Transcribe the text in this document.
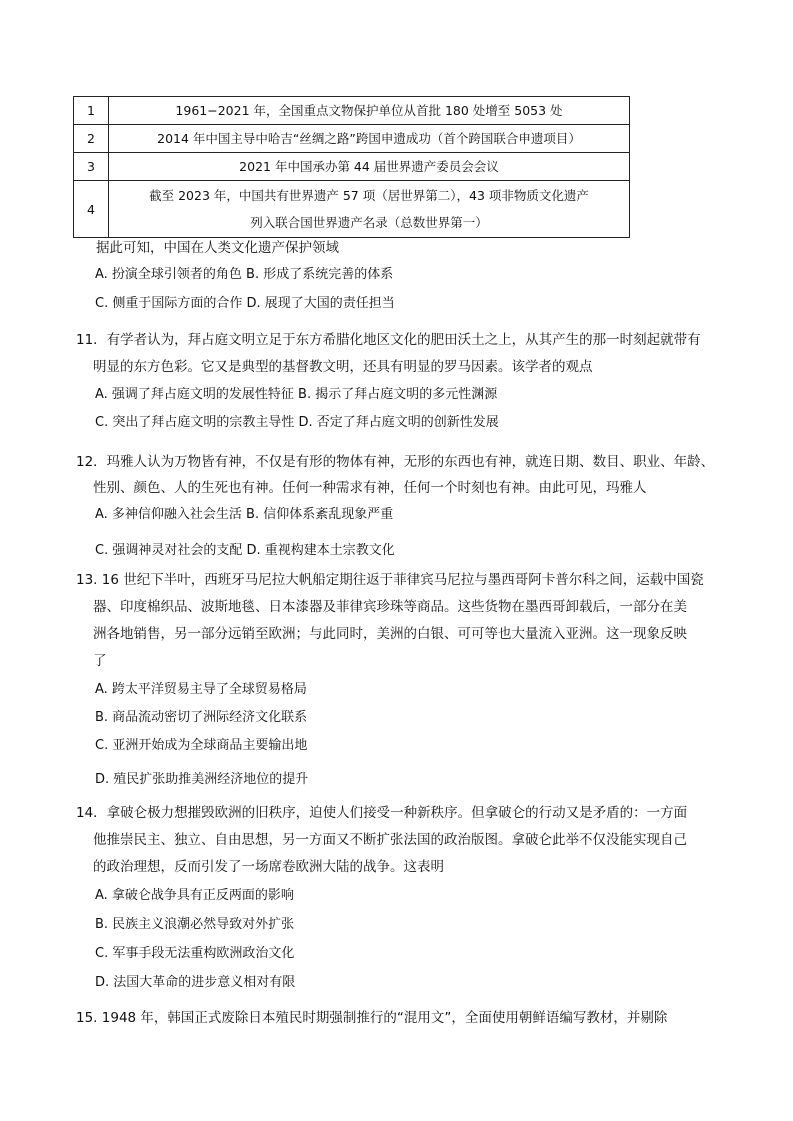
1	1961−2021 年，全国重点文物保护单位从首批 180 处增至 5053 处
2	2014 年中国主导中哈吉“丝绸之路”跨国申遗成功（首个跨国联合申遗项目）
3	2021 年中国承办第 44 届世界遗产委员会会议
4	截至 2023 年，中国共有世界遗产 57 项（居世界第二），43 项非物质文化遗产
列入联合国世界遗产名录（总数世界第一）
据此可知，中国在人类文化遗产保护领域
A. 扮演全球引领者的角色 B. 形成了系统完善的体系
C. 侧重于国际方面的合作 D. 展现了大国的责任担当
11．有学者认为，拜占庭文明立足于东方希腊化地区文化的肥田沃土之上，从其产生的那一时刻起就带有
明显的东方色彩。它又是典型的基督教文明，还具有明显的罗马因素。该学者的观点
A. 强调了拜占庭文明的发展性特征 B. 揭示了拜占庭文明的多元性渊源
C. 突出了拜占庭文明的宗教主导性 D. 否定了拜占庭文明的创新性发展
12．玛雅人认为万物皆有神，不仅是有形的物体有神，无形的东西也有神，就连日期、数目、职业、年龄、
性别、颜色、人的生死也有神。任何一种需求有神，任何一个时刻也有神。由此可见，玛雅人
A. 多神信仰融入社会生活 B. 信仰体系紊乱现象严重
C. 强调神灵对社会的支配 D. 重视构建本土宗教文化
13. 16 世纪下半叶，西班牙马尼拉大帆船定期往返于菲律宾马尼拉与墨西哥阿卡普尔科之间，运载中国瓷
器、印度棉织品、波斯地毯、日本漆器及菲律宾珍珠等商品。这些货物在墨西哥卸载后，一部分在美
洲各地销售，另一部分远销至欧洲；与此同时，美洲的白银、可可等也大量流入亚洲。这一现象反映
了
A. 跨太平洋贸易主导了全球贸易格局
B. 商品流动密切了洲际经济文化联系
C. 亚洲开始成为全球商品主要输出地
D. 殖民扩张助推美洲经济地位的提升
14．拿破仑极力想摧毁欧洲的旧秩序，迫使人们接受一种新秩序。但拿破仑的行动又是矛盾的：一方面
他推崇民主、独立、自由思想，另一方面又不断扩张法国的政治版图。拿破仑此举不仅没能实现自己
的政治理想，反而引发了一场席卷欧洲大陆的战争。这表明
A. 拿破仑战争具有正反两面的影响
B. 民族主义浪潮必然导致对外扩张
C. 军事手段无法重构欧洲政治文化
D. 法国大革命的进步意义相对有限
15. 1948 年，韩国正式废除日本殖民时期强制推行的“混用文”，全面使用朝鲜语编写教材，并剔除
